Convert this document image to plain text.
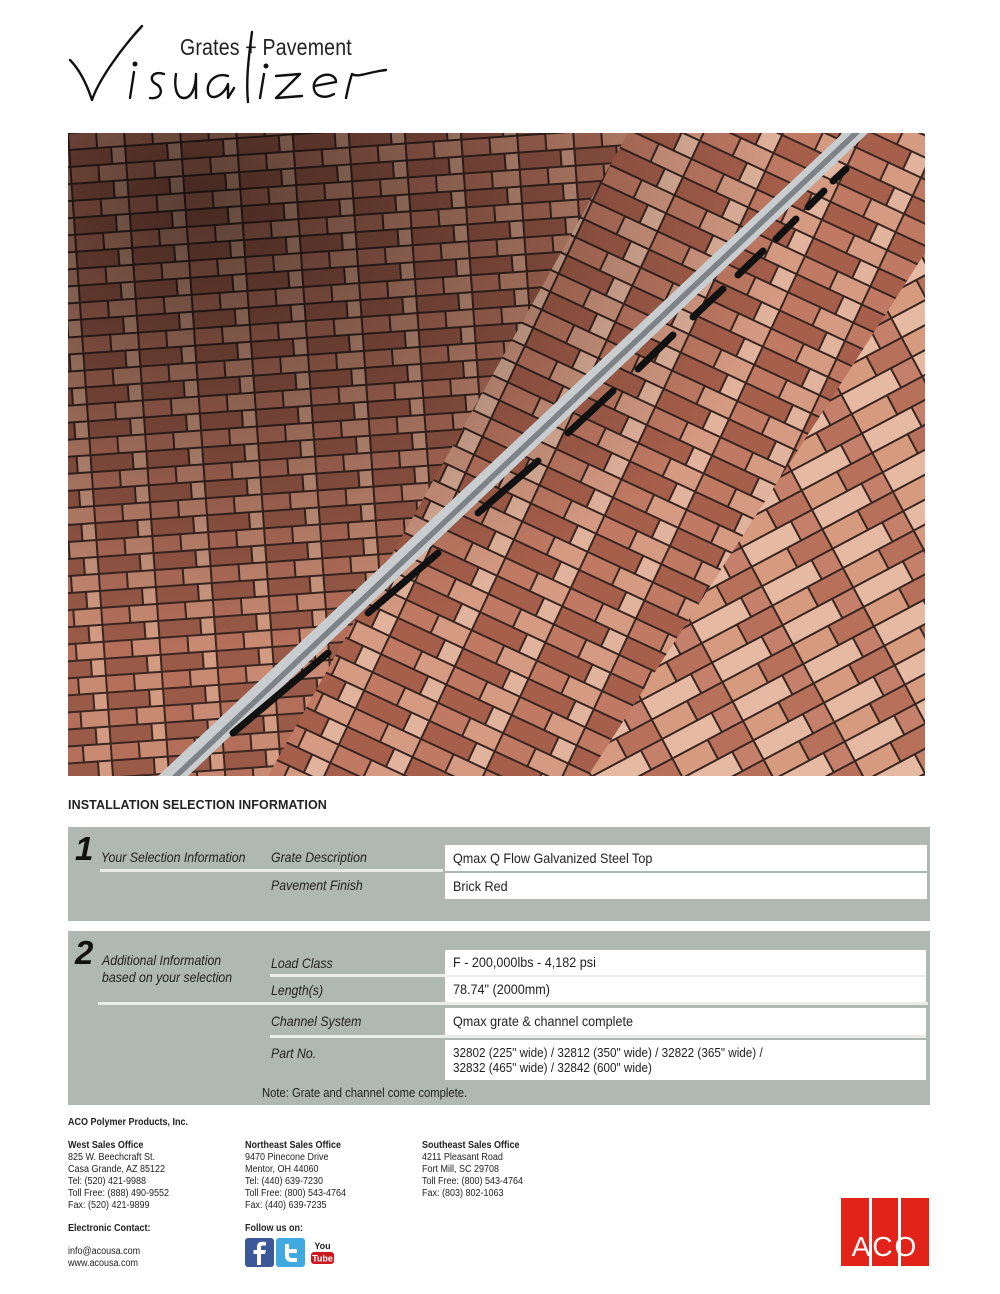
Grates + Pavement
INSTALLATION SELECTION INFORMATION
1 Your Selection Information Grate Description	Qmax Q Flow Galvanized Steel Top
Pavement Finish	Brick Red
2 Additional Information
based on your selection
Load Class	F - 200,000lbs - 4,182 psi
Length(s)	78.74" (2000mm)
Channel System	Qmax grate & channel complete
Part No.	32802 (225" wide) / 32812 (350" wide) / 32822 (365" wide) /
32832 (465" wide) / 32842 (600" wide)
Note: Grate and channel come complete.
ACO Polymer Products, Inc.
West Sales Office
825 W. Beechcraft St.
Casa Grande, AZ 85122
Tel: (520) 421-9988
Toll Free: (888) 490-9552
Fax: (520) 421-9899
Northeast Sales Office
9470 Pinecone Drive
Mentor, OH 44060
Tel: (440) 639-7230
Toll Free: (800) 543-4764
Fax: (440) 639-7235
Southeast Sales Office
4211 Pleasant Road
Fort Mill, SC 29708
Toll Free: (800) 543-4764
Fax: (803) 802-1063
Electronic Contact:
info@acousa.com
www.acousa.com
Follow us on:
You
Tube	ACO
